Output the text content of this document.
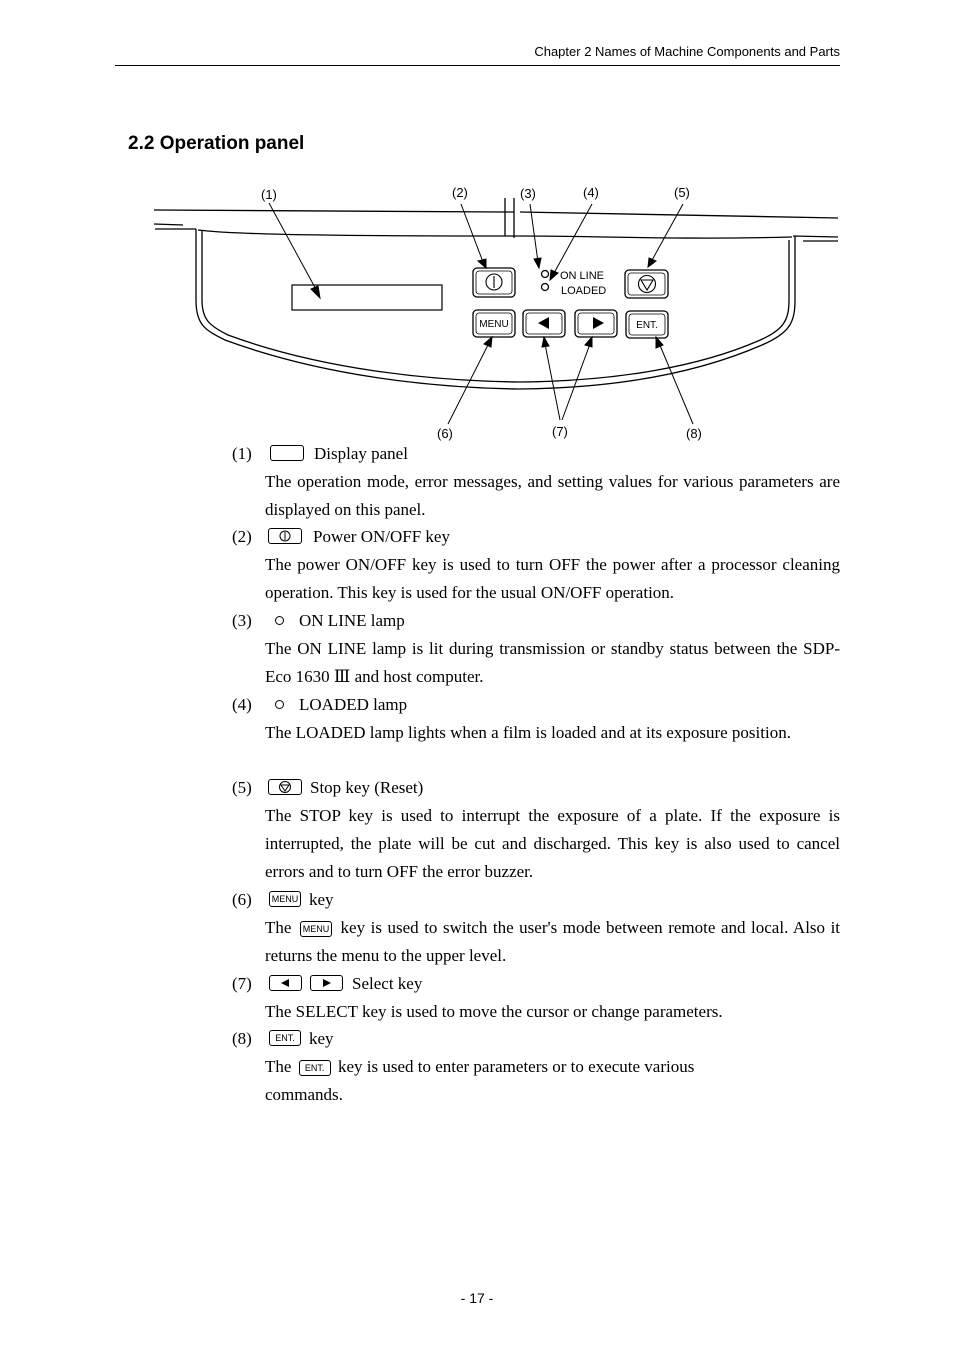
Chapter 2 Names of Machine Components and Parts
2.2 Operation panel
ON LINE
LOADED
MENU	ENT.
(1)	(2)	(3)	(4)	(5)
(6)	(7)	(8)
(1)	Display panel
The operation mode, error messages, and setting values for various parameters are displayed on this panel.
(2)	Power ON/OFF key
The power ON/OFF key is used to turn OFF the power after a processor cleaning operation. This key is used for the usual ON/OFF operation.
(3)	ON LINE lamp
The ON LINE lamp is lit during transmission or standby status between the SDP-Eco 1630 Ⅲ and host computer.
(4)	LOADED lamp
The LOADED lamp lights when a film is loaded and at its exposure position.
(5)	Stop key (Reset)
The STOP key is used to interrupt the exposure of a plate. If the exposure is interrupted, the plate will be cut and discharged. This key is also used to cancel errors and to turn OFF the error buzzer.
(6)	MENU key
The MENU key is used to switch the user's mode between remote and local. Also it returns the menu to the upper level.
(7)	Select key
The SELECT key is used to move the cursor or change parameters.
(8)	ENT. key
The ENT. key is used to enter parameters or to execute various commands.
- 17 -
